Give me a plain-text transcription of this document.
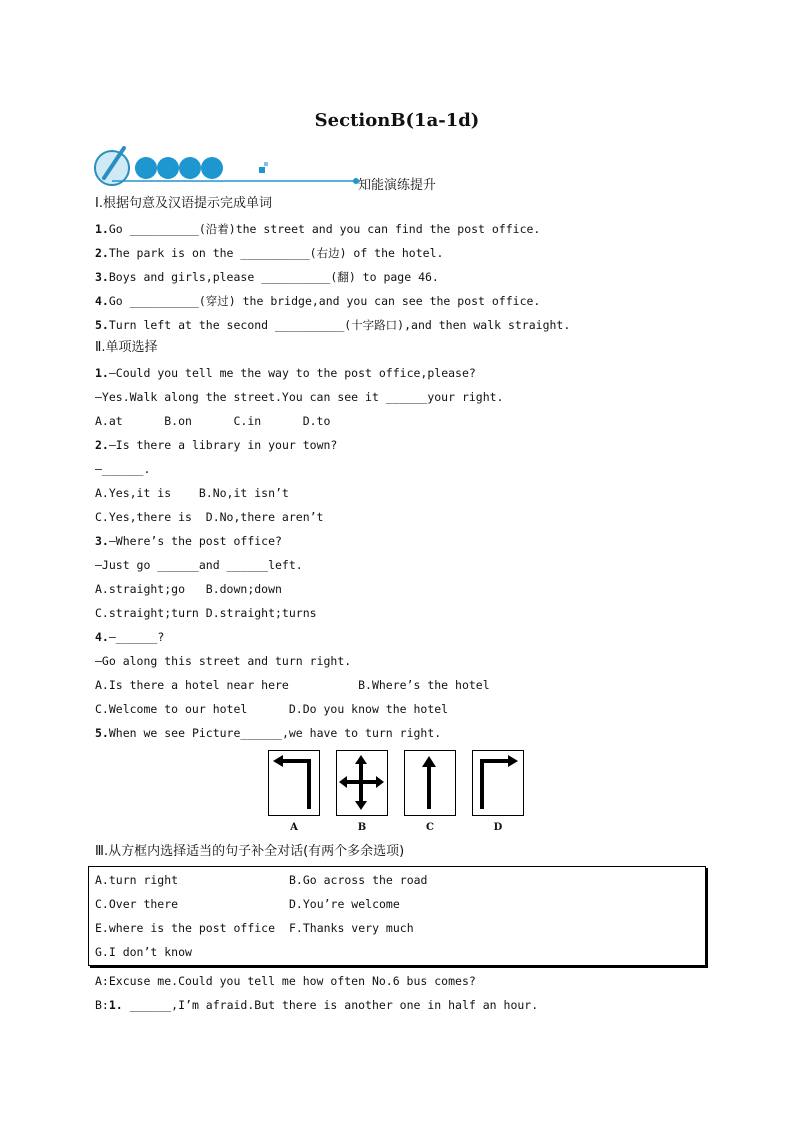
SectionB(1a-1d)
知能演练提升
Ⅰ.根据句意及汉语提示完成单词
1.Go __________(沿着)the street and you can find the post office.
2.The park is on the __________(右边) of the hotel.
3.Boys and girls,please __________(翻) to page 46.
4.Go __________(穿过) the bridge,and you can see the post office.
5.Turn left at the second __________(十字路口),and then walk straight.
Ⅱ.单项选择
1.—Could you tell me the way to the post office,please?
—Yes.Walk along the street.You can see it ______your right.
A.at      B.on      C.in      D.to
2.—Is there a library in your town?
—______.
A.Yes,it is    B.No,it isn’t
C.Yes,there is  D.No,there aren’t
3.—Where’s the post office?
—Just go ______and ______left.
A.straight;go   B.down;down
C.straight;turn D.straight;turns
4.—______?
—Go along this street and turn right.
A.Is there a hotel near here          B.Where’s the hotel
C.Welcome to our hotel      D.Do you know the hotel
5.When we see Picture______,we have to turn right.
A	B	C	D
Ⅲ.从方框内选择适当的句子补全对话(有两个多余选项)
A.turn right	B.Go across the road
C.Over there	D.You’re welcome
E.where is the post office F.Thanks very much
G.I don’t know
A:Excuse me.Could you tell me how often No.6 bus comes?
B:1. ______,I’m afraid.But there is another one in half an hour.
